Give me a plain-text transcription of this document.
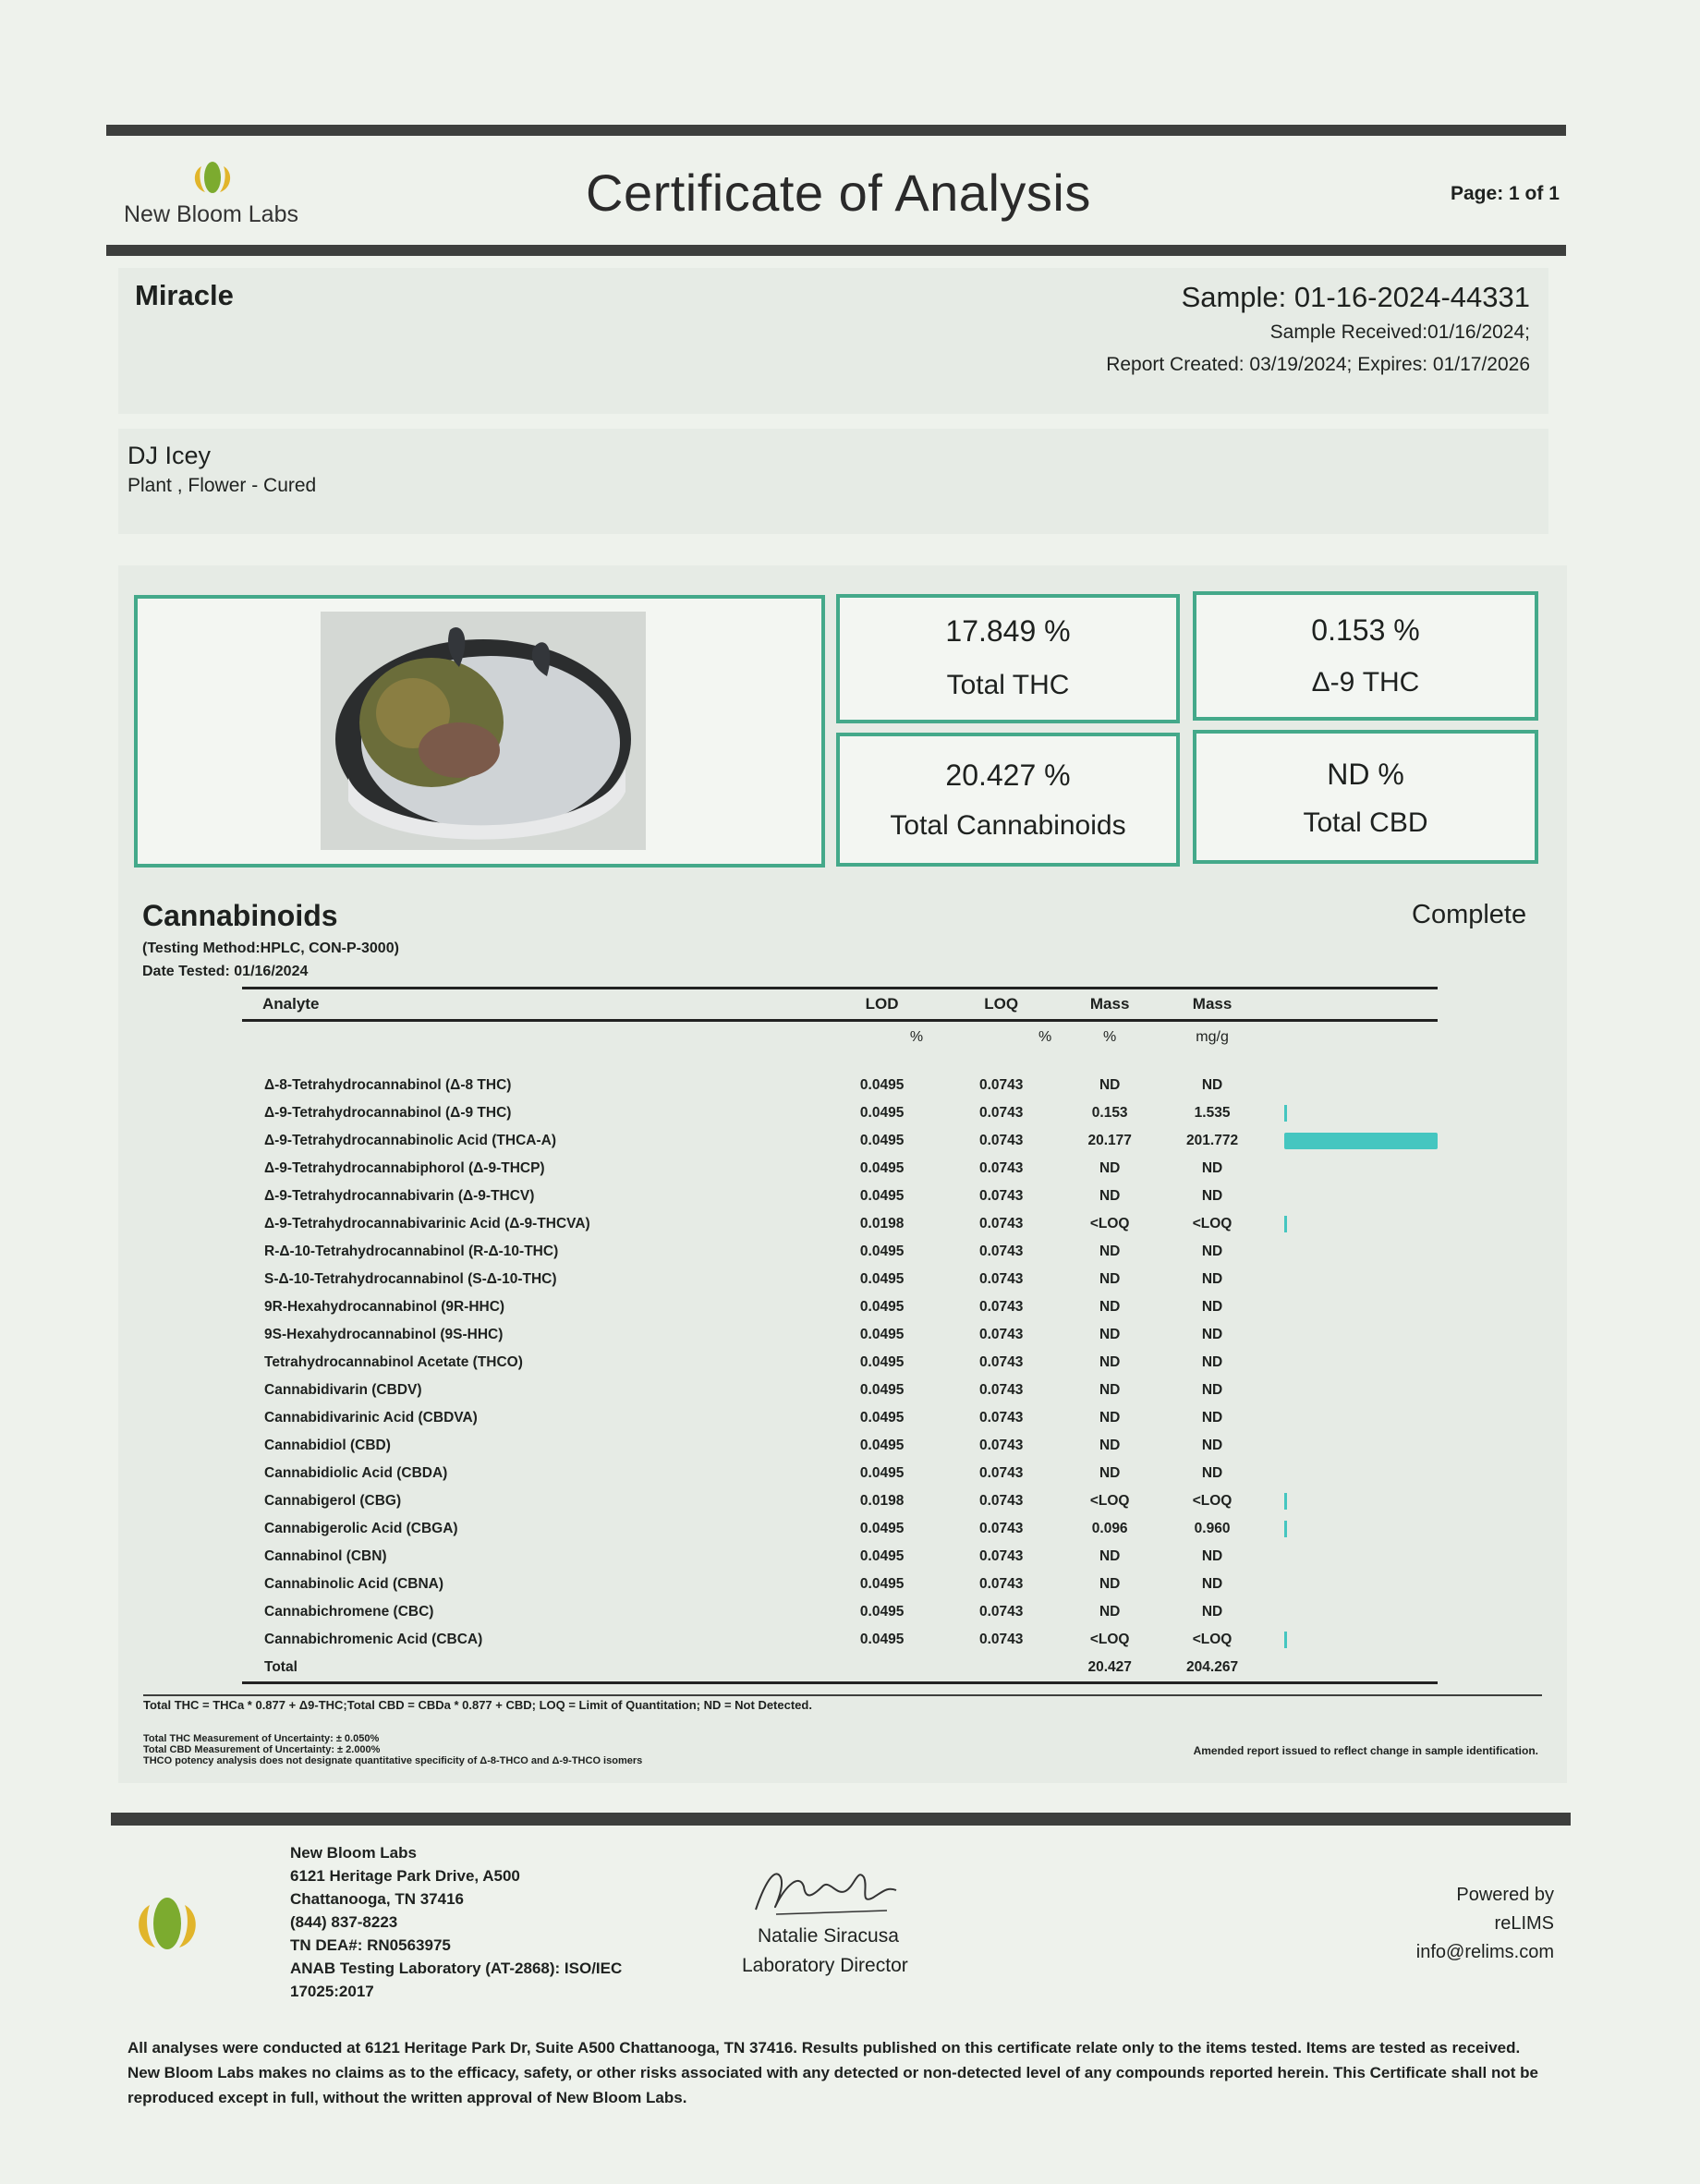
New Bloom Labs	Certificate of Analysis	Page: 1 of 1
Miracle	Sample: 01-16-2024-44331
Sample Received:01/16/2024;
Report Created: 03/19/2024; Expires: 01/17/2026
DJ Icey
Plant , Flower - Cured
17.849 %
Total THC
0.153 %
Δ-9 THC
20.427 %
Total Cannabinoids
ND %
Total CBD
Cannabinoids	Complete
(Testing Method:HPLC, CON-P-3000)
Date Tested: 01/16/2024
Analyte	LOD	LOQ	Mass	Mass	
	%	%	%	mg/g	

Δ-8-Tetrahydrocannabinol (Δ-8 THC)	0.0495	0.0743	ND	ND	
Δ-9-Tetrahydrocannabinol (Δ-9 THC)	0.0495	0.0743	0.153	1.535	
Δ-9-Tetrahydrocannabinolic Acid (THCA-A)	0.0495	0.0743	20.177	201.772	
Δ-9-Tetrahydrocannabiphorol (Δ-9-THCP)	0.0495	0.0743	ND	ND	
Δ-9-Tetrahydrocannabivarin (Δ-9-THCV)	0.0495	0.0743	ND	ND	
Δ-9-Tetrahydrocannabivarinic Acid (Δ-9-THCVA)	0.0198	0.0743	<LOQ	<LOQ	
R-Δ-10-Tetrahydrocannabinol (R-Δ-10-THC)	0.0495	0.0743	ND	ND	
S-Δ-10-Tetrahydrocannabinol (S-Δ-10-THC)	0.0495	0.0743	ND	ND	
9R-Hexahydrocannabinol (9R-HHC)	0.0495	0.0743	ND	ND	
9S-Hexahydrocannabinol (9S-HHC)	0.0495	0.0743	ND	ND	
Tetrahydrocannabinol Acetate (THCO)	0.0495	0.0743	ND	ND	
Cannabidivarin (CBDV)	0.0495	0.0743	ND	ND	
Cannabidivarinic Acid (CBDVA)	0.0495	0.0743	ND	ND	
Cannabidiol (CBD)	0.0495	0.0743	ND	ND	
Cannabidiolic Acid (CBDA)	0.0495	0.0743	ND	ND	
Cannabigerol (CBG)	0.0198	0.0743	<LOQ	<LOQ	
Cannabigerolic Acid (CBGA)	0.0495	0.0743	0.096	0.960	
Cannabinol (CBN)	0.0495	0.0743	ND	ND	
Cannabinolic Acid (CBNA)	0.0495	0.0743	ND	ND	
Cannabichromene (CBC)	0.0495	0.0743	ND	ND	
Cannabichromenic Acid (CBCA)	0.0495	0.0743	<LOQ	<LOQ	
Total			20.427	204.267	
Total THC = THCa * 0.877 + Δ9-THC;Total CBD = CBDa * 0.877 + CBD; LOQ = Limit of Quantitation; ND = Not Detected.
Total THC Measurement of Uncertainty: ± 0.050%
Total CBD Measurement of Uncertainty: ± 2.000%
THCO potency analysis does not designate quantitative specificity of Δ-8-THCO and Δ-9-THCO isomers
Amended report issued to reflect change in sample identification.
New Bloom Labs
6121 Heritage Park Drive, A500
Chattanooga, TN 37416
(844) 837-8223
TN DEA#: RN0563975
ANAB Testing Laboratory (AT-2868): ISO/IEC
17025:2017
Natalie Siracusa
Laboratory Director
Powered by
reLIMS
info@relims.com
All analyses were conducted at 6121 Heritage Park Dr, Suite A500 Chattanooga, TN 37416. Results published on this certificate relate only to the items tested. Items are tested as received. New Bloom Labs makes no claims as to the efficacy, safety, or other risks associated with any detected or non-detected level of any compounds reported herein. This Certificate shall not be reproduced except in full, without the written approval of New Bloom Labs.
